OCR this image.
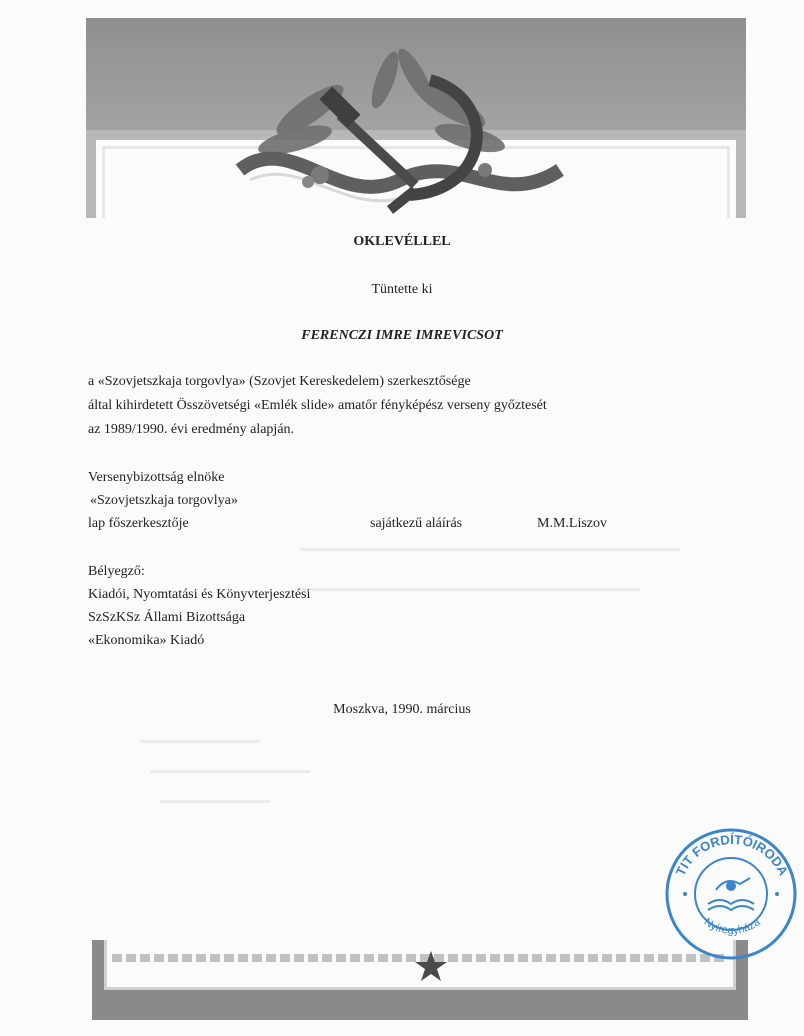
OKLEVÉLLEL
Tüntette ki
FERENCZI IMRE IMREVICSOT
a «Szovjetszkaja torgovlya» (Szovjet Kereskedelem) szerkesztősége
által kihirdetett Összövetségi «Emlék slide» amatőr fényképész verseny győztesét
az 1989/1990. évi eredmény alapján.
Versenybizottság elnöke
«Szovjetszkaja torgovlya»
lap főszerkesztője	sajátkezű aláírás	M.M.Liszov
Bélyegző:
Kiadói, Nyomtatási és Könyvterjesztési
SzSzKSz Állami Bizottsága
«Ekonomika» Kiadó
Moszkva, 1990. március
TIT FORDÍTÓIRODA
Nyíregyháza
